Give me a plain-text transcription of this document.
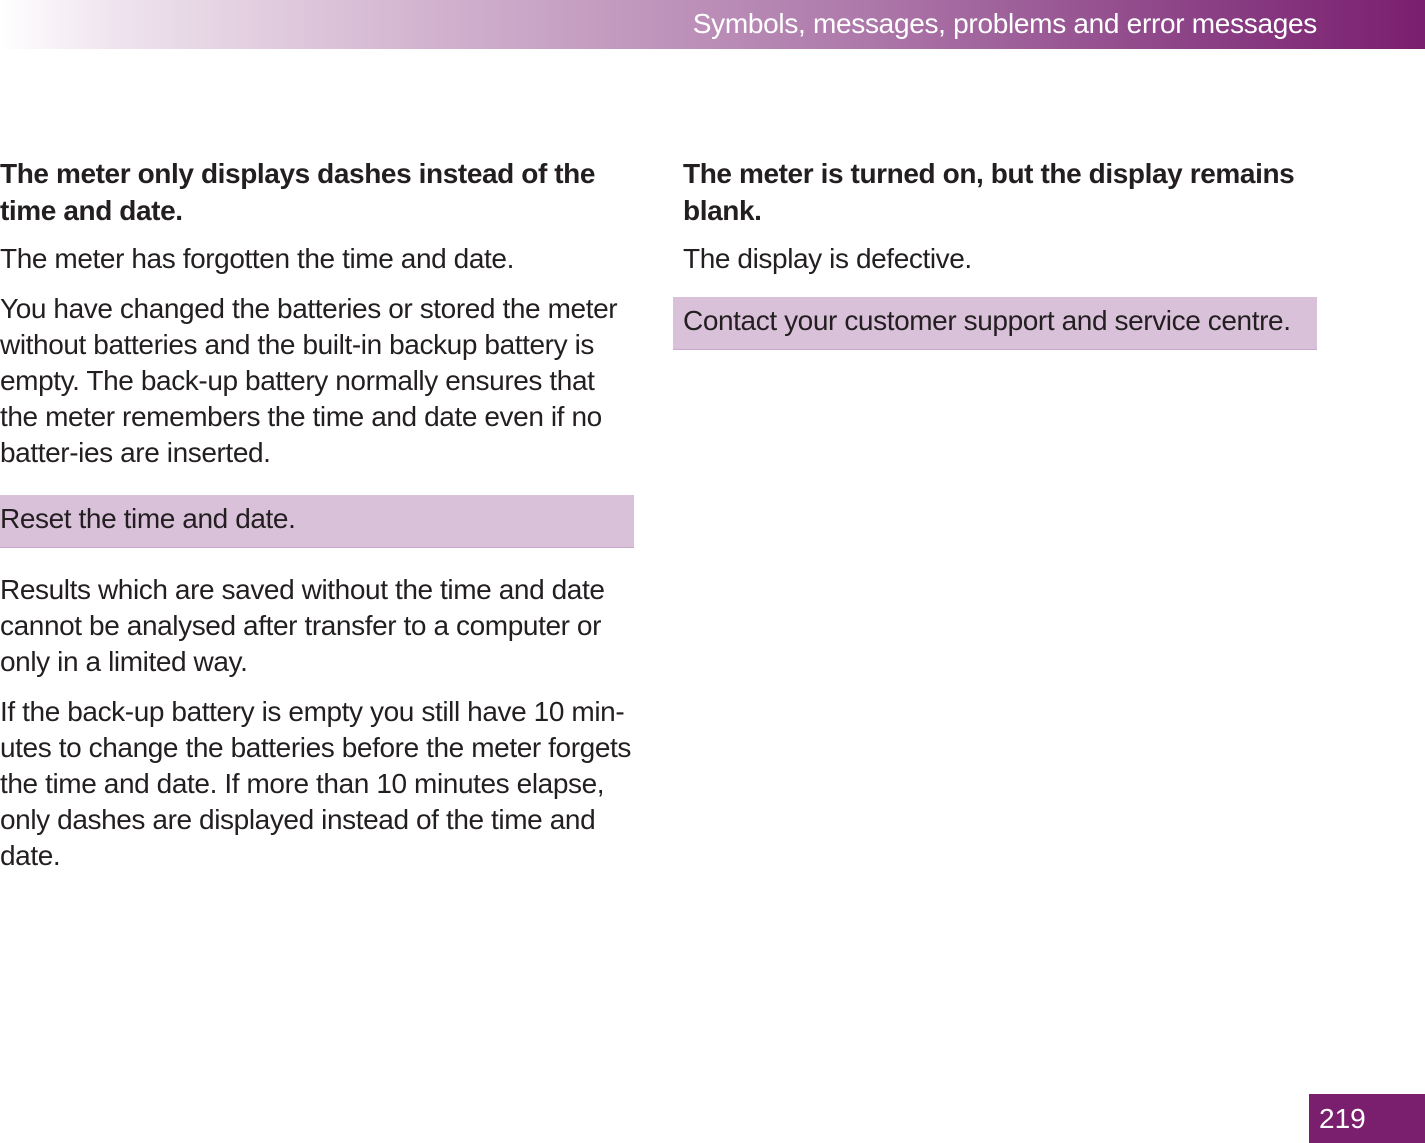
Symbols, messages, problems and error messages
The meter only displays dashes instead of the time and date.
The meter has forgotten the time and date.
You have changed the batteries or stored the meter without batteries and the built-in backup battery is empty. The back-up battery normally ensures that the meter remembers the time and date even if no batter-ies are inserted.
Reset the time and date.
Results which are saved without the time and date cannot be analysed after transfer to a computer or only in a limited way.
If the back-up battery is empty you still have 10 min-utes to change the batteries before the meter forgets the time and date. If more than 10 minutes elapse, only dashes are displayed instead of the time and date.
The meter is turned on, but the display remains blank.
The display is defective.
Contact your customer support and service centre.
219
